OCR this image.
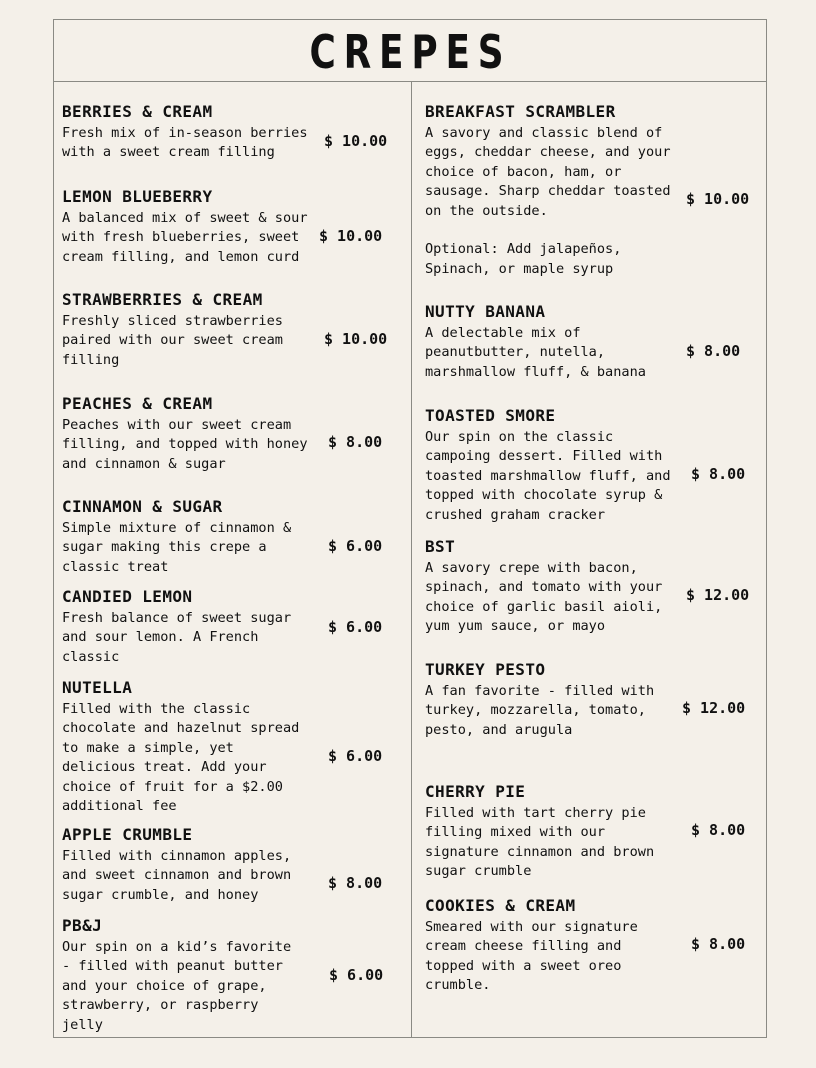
CREPES
BERRIES & CREAM
Fresh mix of in-season berries
with a sweet cream filling
$ 10.00
LEMON BLUEBERRY
A balanced mix of sweet & sour
with fresh blueberries, sweet
cream filling, and lemon curd
$ 10.00
STRAWBERRIES & CREAM
Freshly sliced strawberries
paired with our sweet cream
filling
$ 10.00
PEACHES & CREAM
Peaches with our sweet cream
filling, and topped with honey
and cinnamon & sugar
$ 8.00
CINNAMON & SUGAR
Simple mixture of cinnamon &
sugar making this crepe a
classic treat
$ 6.00
CANDIED LEMON
Fresh balance of sweet sugar
and sour lemon. A French
classic
$ 6.00
NUTELLA
Filled with the classic
chocolate and hazelnut spread
to make a simple, yet
delicious treat. Add your
choice of fruit for a $2.00
additional fee
$ 6.00
APPLE CRUMBLE
Filled with cinnamon apples,
and sweet cinnamon and brown
sugar crumble, and honey
$ 8.00
PB&J
Our spin on a kid’s favorite
- filled with peanut butter
and your choice of grape,
strawberry, or raspberry
jelly
$ 6.00
BREAKFAST SCRAMBLER
A savory and classic blend of
eggs, cheddar cheese, and your
choice of bacon, ham, or
sausage. Sharp cheddar toasted
on the outside.

Optional: Add jalapeños,
Spinach, or maple syrup
$ 10.00
NUTTY BANANA
A delectable mix of
peanutbutter, nutella,
marshmallow fluff, & banana
$ 8.00
TOASTED SMORE
Our spin on the classic
campoing dessert. Filled with
toasted marshmallow fluff, and
topped with chocolate syrup &
crushed graham cracker
$ 8.00
BST
A savory crepe with bacon,
spinach, and tomato with your
choice of garlic basil aioli,
yum yum sauce, or mayo
$ 12.00
TURKEY PESTO
A fan favorite - filled with
turkey, mozzarella, tomato,
pesto, and arugula
$ 12.00
CHERRY PIE
Filled with tart cherry pie
filling mixed with our
signature cinnamon and brown
sugar crumble
$ 8.00
COOKIES & CREAM
Smeared with our signature
cream cheese filling and
topped with a sweet oreo
crumble.
$ 8.00
